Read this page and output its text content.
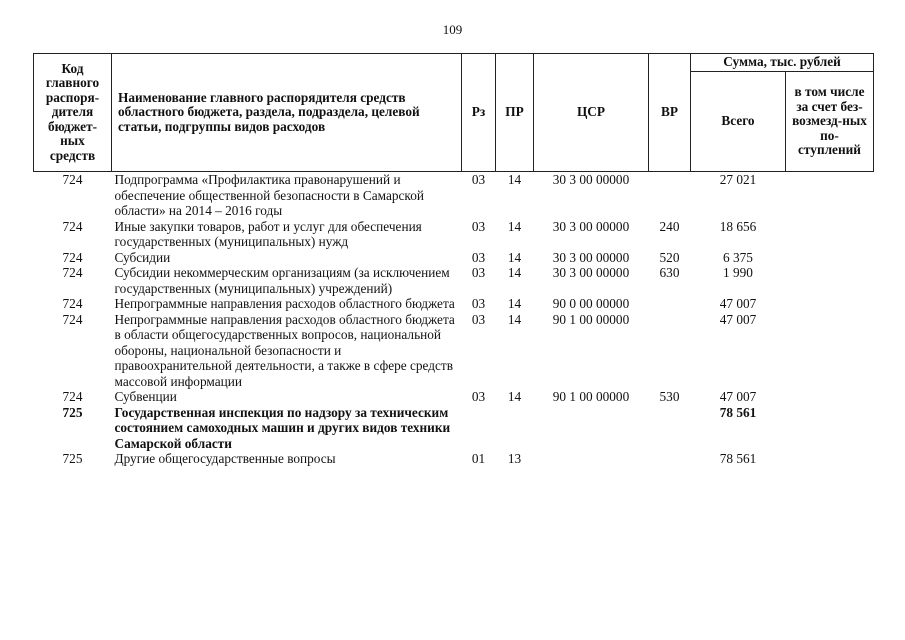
109
Код главного распоря-дителя бюджет-ных средств	Наименование главного распорядителя средств областного бюджета, раздела, подраздела, целевой статьи, подгруппы видов расходов	Рз	ПР	ЦСР	ВР	Сумма, тыс. рублей	
						Всего	в том числе за счет без-возмезд-ных по-ступлений
724	Подпрограмма «Профилактика правонарушений и обеспечение общественной безопасности в Самарской области» на 2014 – 2016 годы	03	14	30 3 00 00000		27 021	
724	Иные закупки товаров, работ и услуг для обеспечения государственных (муниципальных) нужд	03	14	30 3 00 00000	240	18 656	
724	Субсидии	03	14	30 3 00 00000	520	6 375	
724	Субсидии некоммерческим организациям (за исключением государственных (муниципальных) учреждений)	03	14	30 3 00 00000	630	1 990	
724	Непрограммные направления расходов областного бюджета	03	14	90 0 00 00000		47 007	
724	Непрограммные направления расходов областного бюджета в области общегосударственных вопросов, национальной обороны, национальной безопасности и правоохранительной деятельности, а также в сфере средств массовой информации	03	14	90 1 00 00000		47 007	
724	Субвенции	03	14	90 1 00 00000	530	47 007	
725	Государственная инспекция по надзору за техническим состоянием самоходных машин и других видов техники Самарской области					78 561	
725	Другие общегосударственные вопросы	01	13			78 561	
